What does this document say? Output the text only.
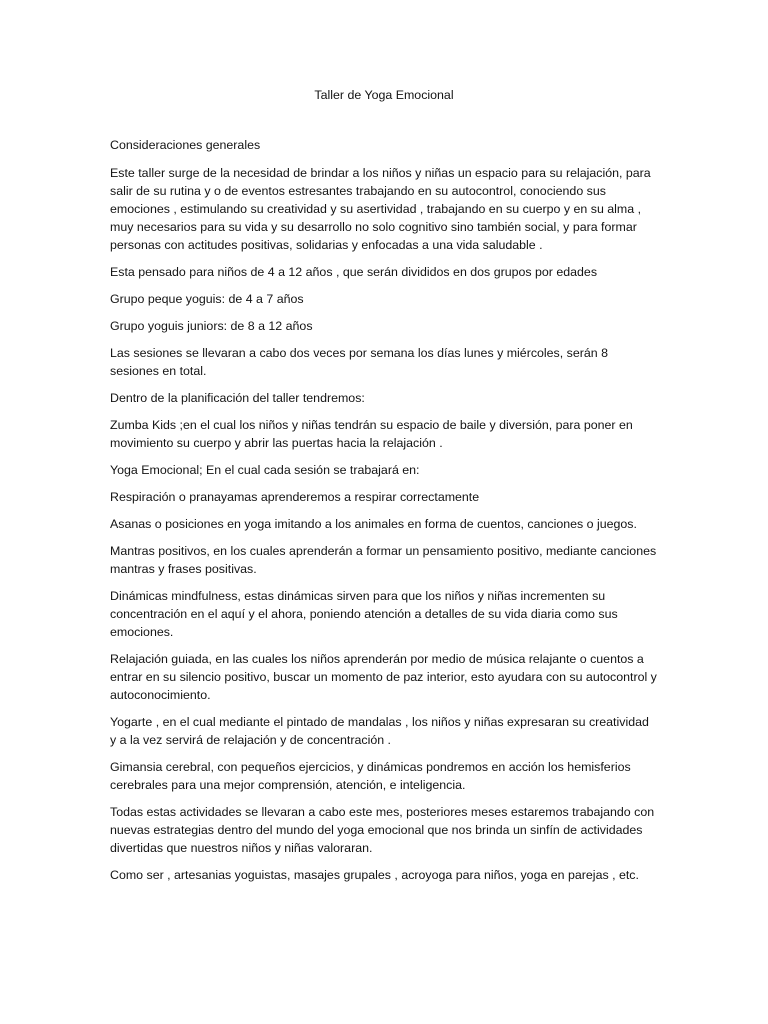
Taller de Yoga Emocional
Consideraciones generales

Este taller surge de la necesidad de brindar a los niños y niñas un espacio para su relajación, para salir de su rutina y o de eventos estresantes trabajando en su autocontrol, conociendo sus emociones , estimulando su creatividad y su asertividad , trabajando en su cuerpo y en su alma , muy necesarios para su vida y su desarrollo no solo cognitivo sino también social, y para formar personas con actitudes positivas, solidarias y enfocadas a una vida saludable .

Esta pensado para niños de 4 a 12 años , que serán divididos en dos grupos por edades

Grupo peque yoguis: de 4 a 7 años

Grupo yoguis juniors: de 8 a 12 años

Las sesiones se llevaran a cabo dos veces por semana los días lunes y miércoles, serán 8 sesiones en total.

Dentro de la planificación del taller tendremos:

Zumba Kids ;en el cual los niños y niñas tendrán su espacio de baile y diversión, para poner en movimiento su cuerpo y abrir las puertas hacia la relajación .

Yoga Emocional; En el cual cada sesión se trabajará en:

Respiración o pranayamas aprenderemos a respirar correctamente

Asanas o posiciones en yoga imitando a los animales en forma de cuentos, canciones o juegos.

Mantras positivos, en los cuales aprenderán a formar un pensamiento positivo, mediante canciones mantras y frases positivas.

Dinámicas mindfulness, estas dinámicas sirven para que los niños y niñas incrementen su concentración en el aquí y el ahora, poniendo atención a detalles de su vida diaria como sus emociones.

Relajación guiada, en las cuales los niños aprenderán por medio de música relajante o cuentos a entrar en su silencio positivo, buscar un momento de paz interior, esto ayudara con su autocontrol y autoconocimiento.

Yogarte , en el cual mediante el pintado de mandalas , los niños y niñas expresaran su creatividad y a la vez servirá de relajación y de concentración .

Gimansia cerebral, con pequeños ejercicios, y dinámicas pondremos en acción los hemisferios cerebrales para una mejor comprensión, atención, e inteligencia.

Todas estas actividades se llevaran a cabo este mes, posteriores meses estaremos trabajando con nuevas estrategias dentro del mundo del yoga emocional que nos brinda un sinfín de actividades divertidas que nuestros niños y niñas valoraran.

Como ser , artesanias yoguistas, masajes grupales , acroyoga para niños, yoga en parejas , etc.
